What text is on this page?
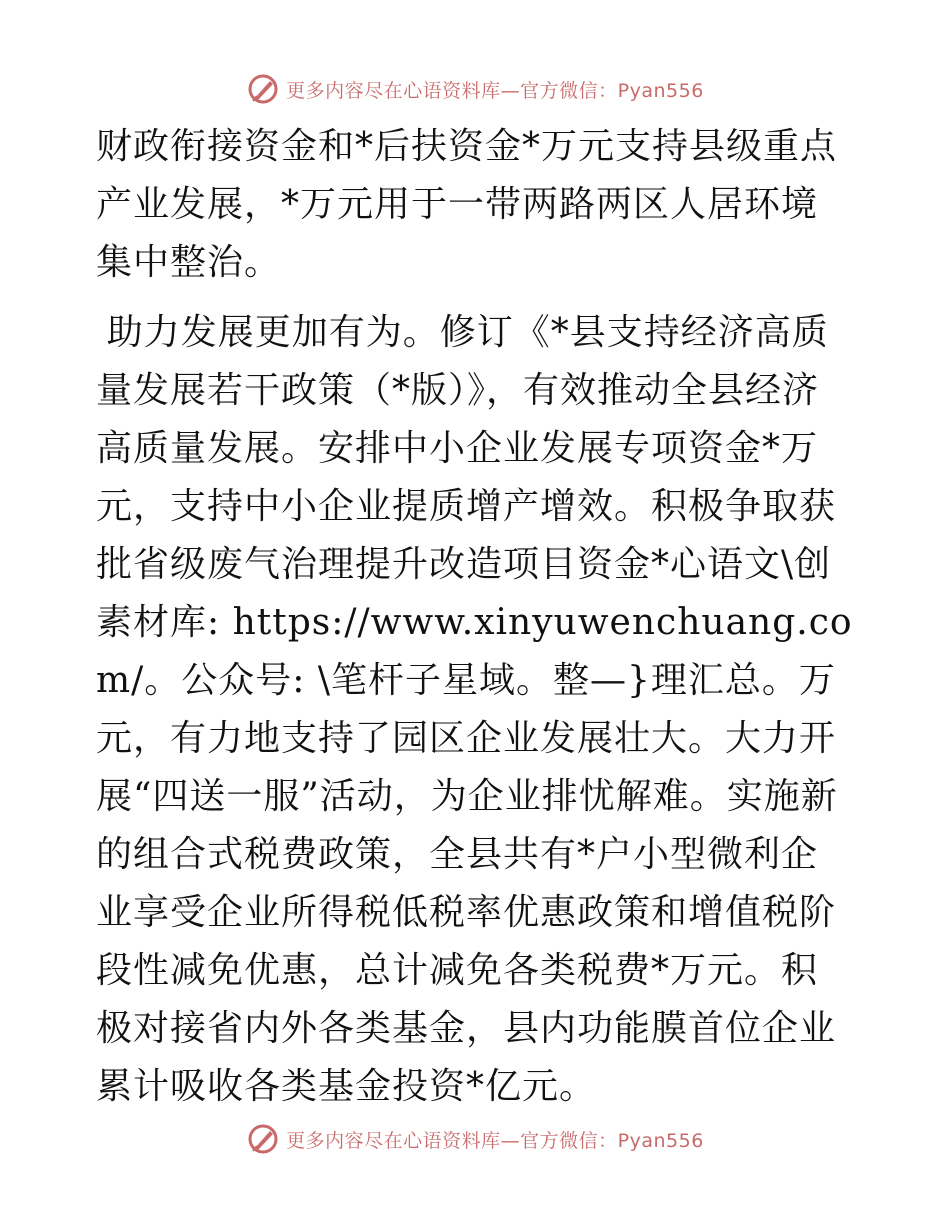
更多内容尽在心语资料库—官方微信：Pyan556

财政衔接资金和*后扶资金*万元支持县级重点产业发展，*万元用于一带两路两区人居环境集中整治。

助力发展更加有为。修订《*县支持经济高质量发展若干政策（*版）》，有效推动全县经济高质量发展。安排中小企业发展专项资金*万元，支持中小企业提质增产增效。积极争取获批省级废气治理提升改造项目资金*心语文\创素材库: https://www.xinyuwenchuang.com/。公众号: \笔杆子星域。整—}理汇总。万元，有力地支持了园区企业发展壮大。大力开展“四送一服”活动，为企业排忧解难。实施新的组合式税费政策，全县共有*户小型微利企业享受企业所得税低税率优惠政策和增值税阶段性减免优惠，总计减免各类税费*万元。积极对接省内外各类基金，县内功能膜首位企业累计吸收各类基金投资*亿元。

更多内容尽在心语资料库—官方微信：Pyan556
